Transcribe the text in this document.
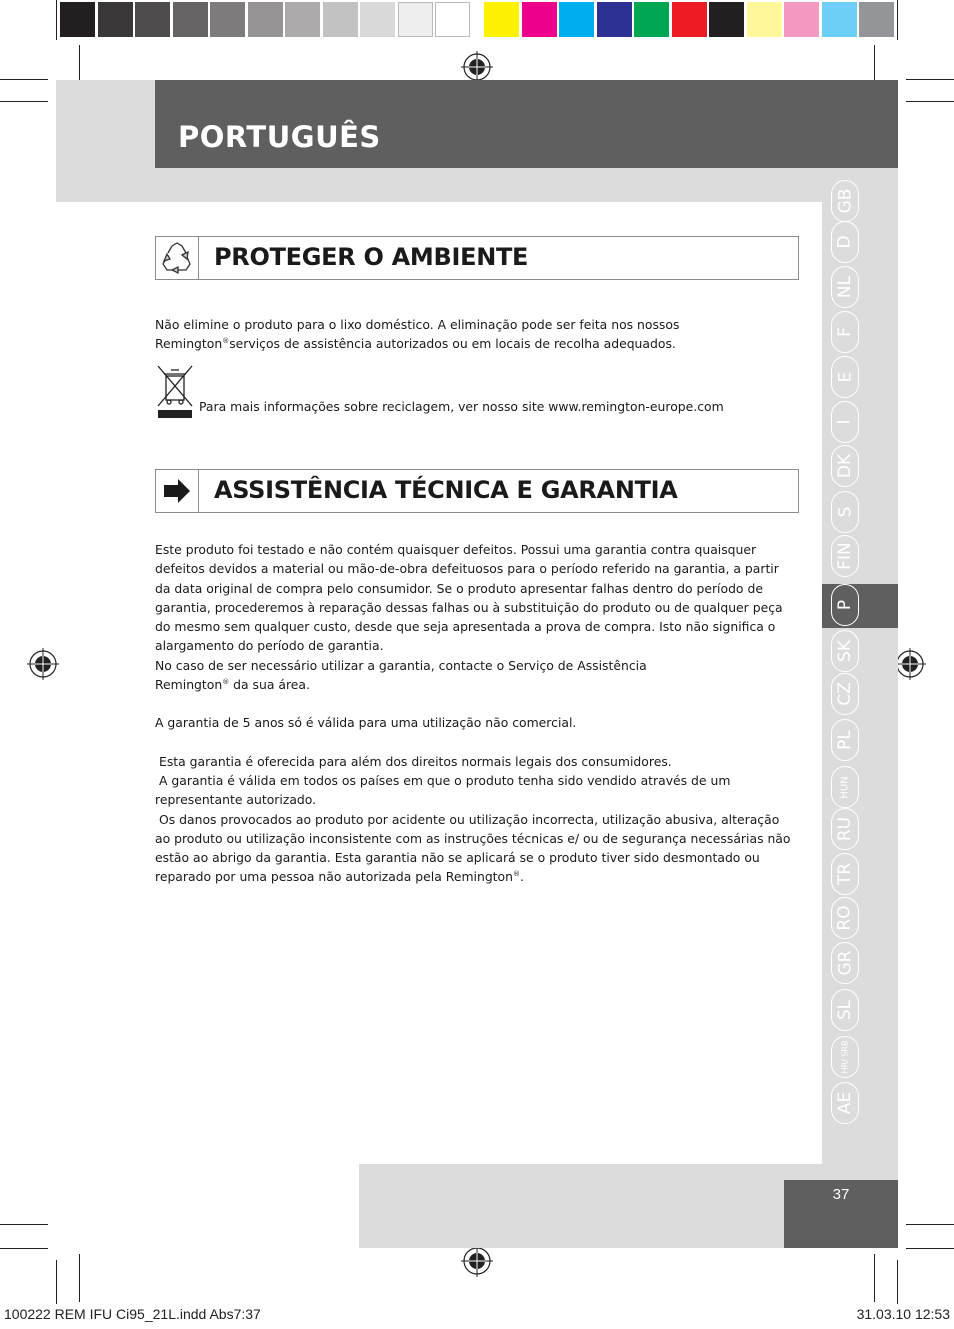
PORTUGUÊS
GB
D
NL
F
E
I
DK
S
FIN
P
SK
CZ
PL
HUN
RU
TR
RO
GR
SL
HR/ SRB
AE
PROTEGER O AMBIENTE

Não elimine o produto para o lixo doméstico. A eliminação pode ser feita nos nossos
Remington®serviços de assistência autorizados ou em locais de recolha adequados.

Para mais informações sobre reciclagem, ver nosso site www.remington-europe.com
ASSISTÊNCIA TÉCNICA E GARANTIA

Este produto foi testado e não contém quaisquer defeitos. Possui uma garantia contra quaisquer defeitos devidos a material ou mão-de-obra defeituosos para o período referido na garantia, a partir da data original de compra pelo consumidor. Se o produto apresentar falhas dentro do período de garantia, procederemos à reparação dessas falhas ou à substituição do produto ou de qualquer peça do mesmo sem qualquer custo, desde que seja apresentada a prova de compra. Isto não significa o alargamento do período de garantia.

No caso de ser necessário utilizar a garantia, contacte o Serviço de Assistência
Remington® da sua área.

A garantia de 5 anos só é válida para uma utilização não comercial.

Esta garantia é oferecida para além dos direitos normais legais dos consumidores.

A garantia é válida em todos os países em que o produto tenha sido vendido através de um representante autorizado.

Os danos provocados ao produto por acidente ou utilização incorrecta, utilização abusiva, alteração ao produto ou utilização inconsistente com as instruções técnicas e/ ou de segurança necessárias não estão ao abrigo da garantia. Esta garantia não se aplicará se o produto tiver sido desmontado ou reparado por uma pessoa não autorizada pela Remington®.

37
100222 REM IFU Ci95_21L.indd Abs7:37	31.03.10 12:53
